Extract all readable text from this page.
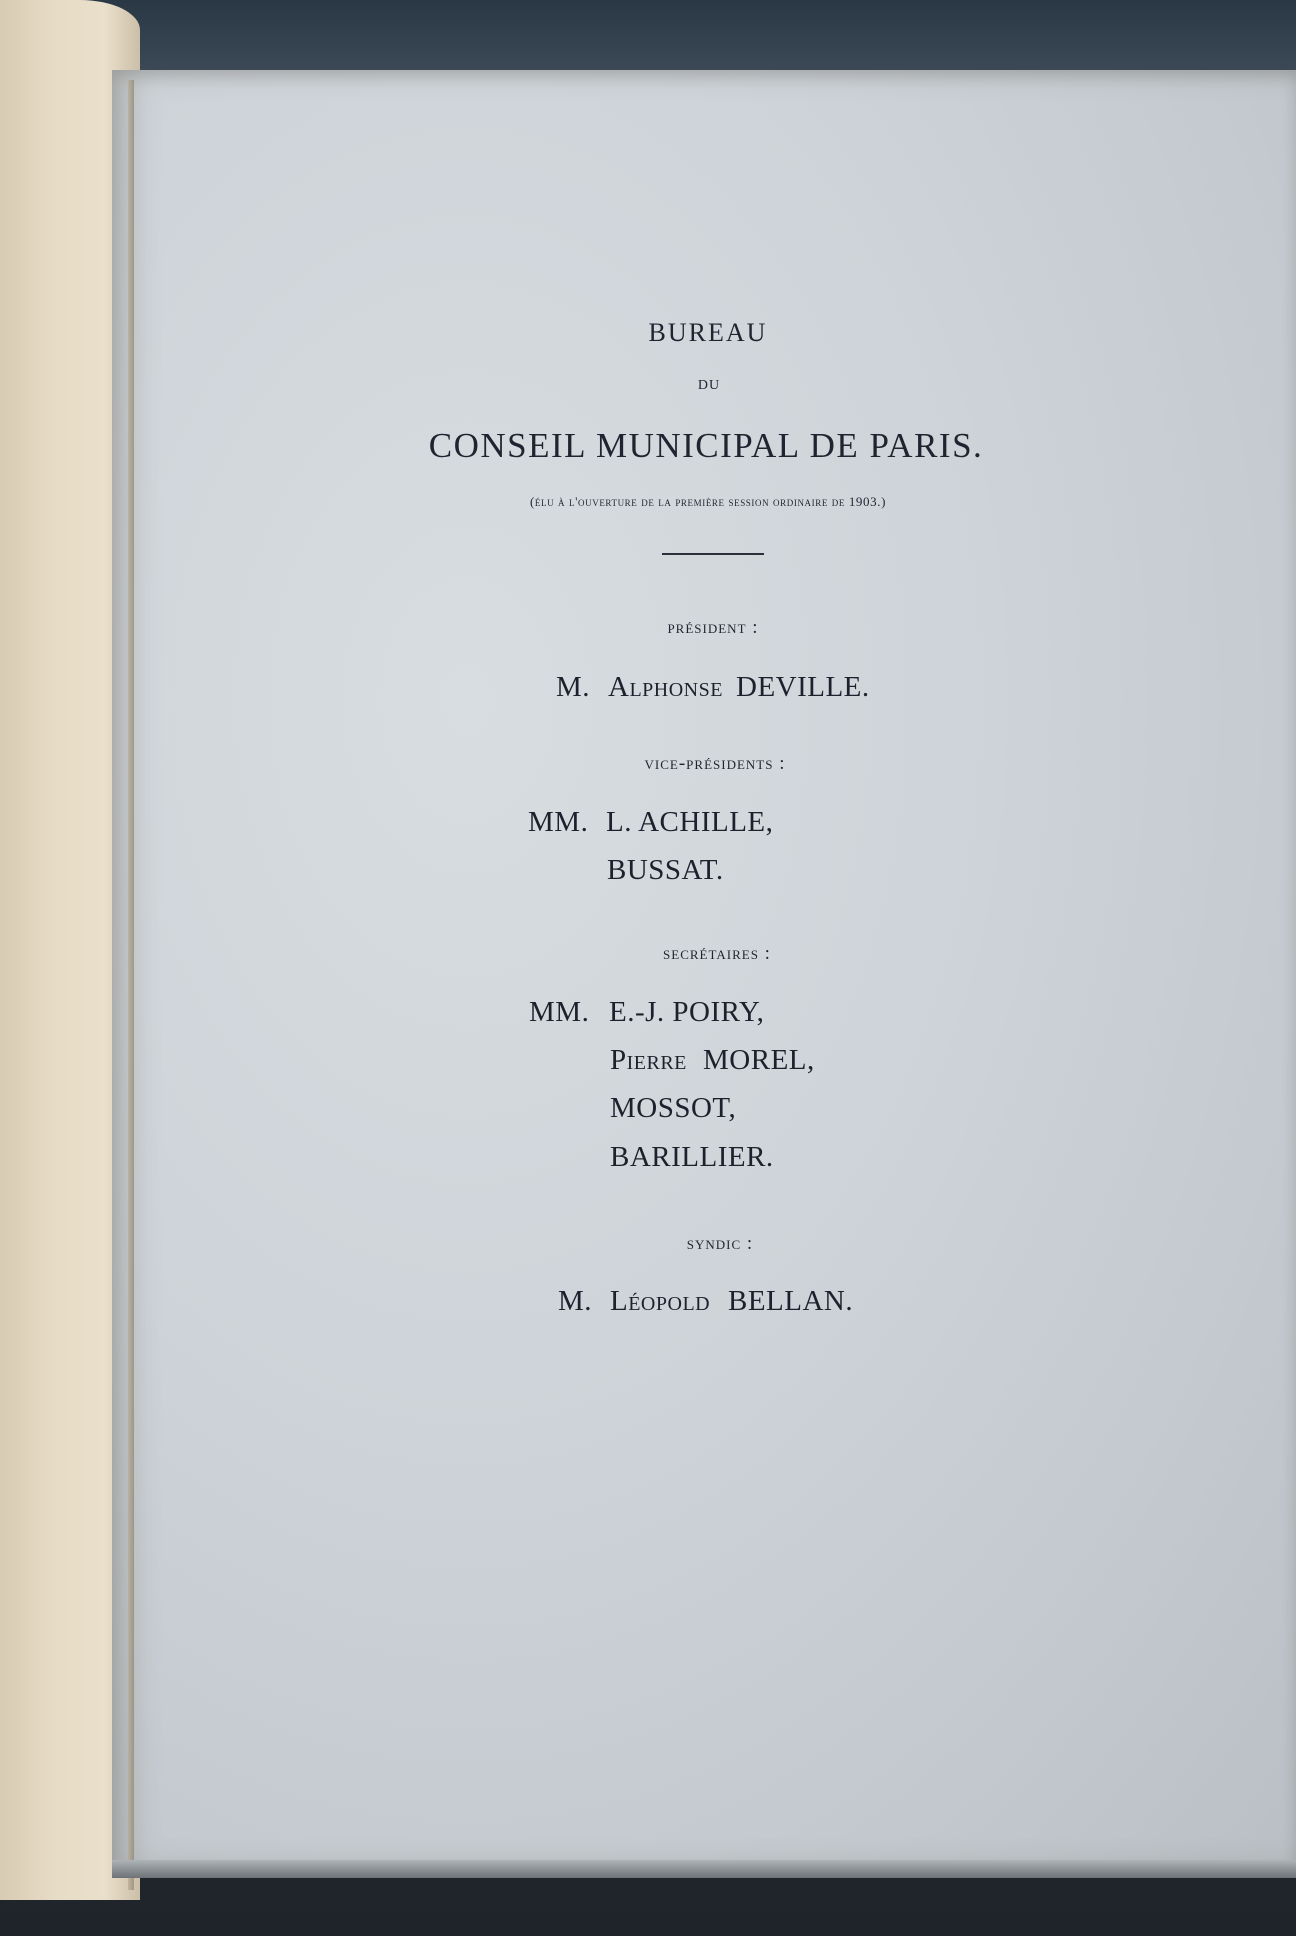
BUREAU
DU
CONSEIL MUNICIPAL DE PARIS.
(élu à l'ouverture de la première session ordinaire de 1903.)
président :
M. Alphonse DEVILLE.
vice-présidents :
MM. L. ACHILLE,
BUSSAT.
secrétaires :
MM. E.-J. POIRY,
Pierre MOREL,
MOSSOT,
BARILLIER.
syndic :
M. Léopold BELLAN.
